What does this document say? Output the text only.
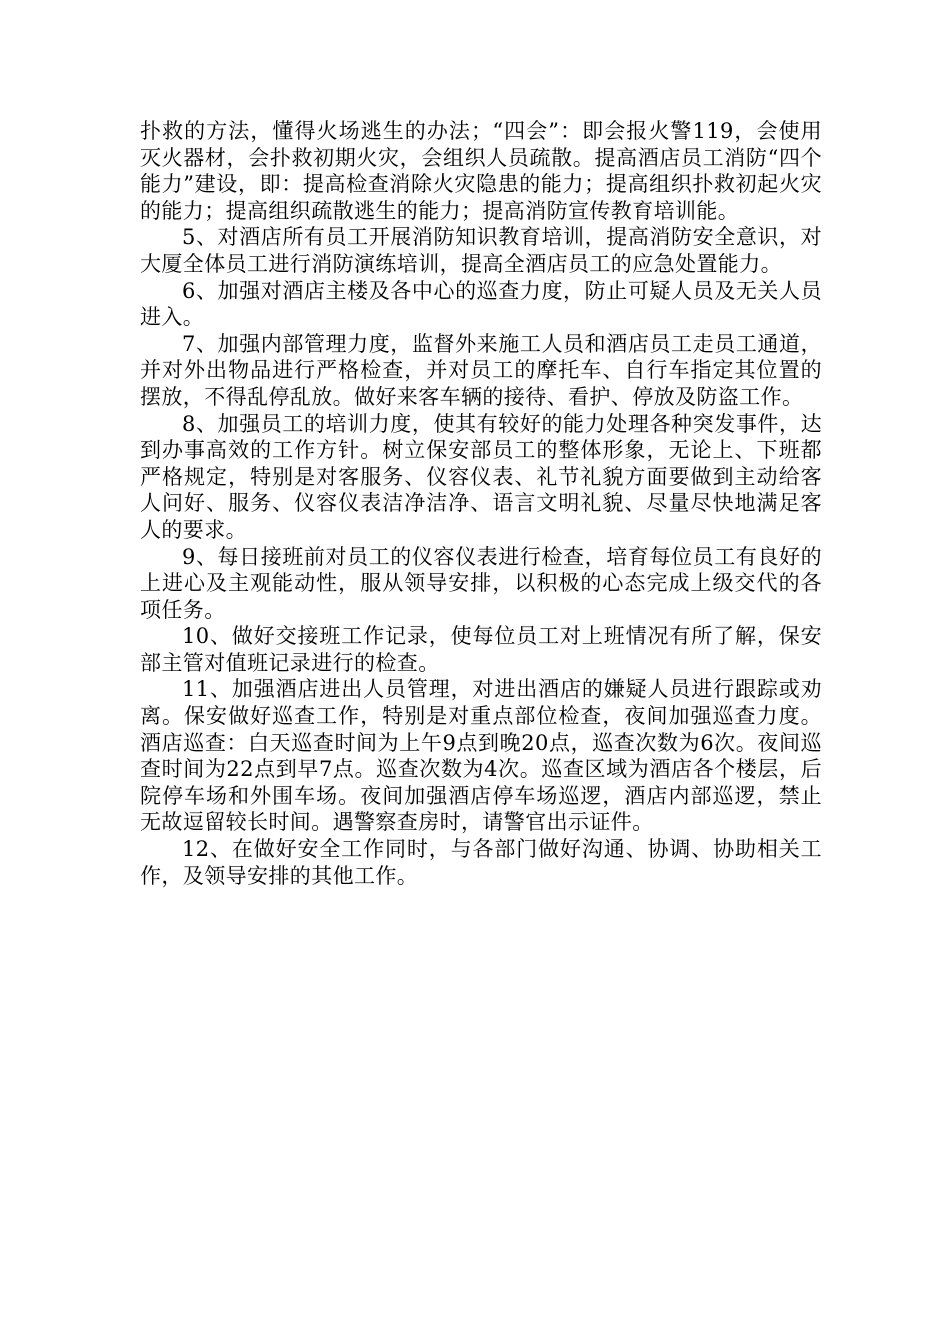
扑救的方法，懂得火场逃生的办法；“四会”：即会报火警119，会使用灭火器材，会扑救初期火灾，会组织人员疏散。提高酒店员工消防“四个能力”建设，即：提高检查消除火灾隐患的能力；提高组织扑救初起火灾的能力；提高组织疏散逃生的能力；提高消防宣传教育培训能。

5、对酒店所有员工开展消防知识教育培训，提高消防安全意识，对大厦全体员工进行消防演练培训，提高全酒店员工的应急处置能力。

6、加强对酒店主楼及各中心的巡查力度，防止可疑人员及无关人员进入。

7、加强内部管理力度，监督外来施工人员和酒店员工走员工通道，并对外出物品进行严格检查，并对员工的摩托车、自行车指定其位置的摆放，不得乱停乱放。做好来客车辆的接待、看护、停放及防盗工作。

8、加强员工的培训力度，使其有较好的能力处理各种突发事件，达到办事高效的工作方针。树立保安部员工的整体形象，无论上、下班都严格规定，特别是对客服务、仪容仪表、礼节礼貌方面要做到主动给客人问好、服务、仪容仪表洁净洁净、语言文明礼貌、尽量尽快地满足客人的要求。

9、每日接班前对员工的仪容仪表进行检查，培育每位员工有良好的上进心及主观能动性，服从领导安排，以积极的心态完成上级交代的各项任务。

10、做好交接班工作记录，使每位员工对上班情况有所了解，保安部主管对值班记录进行的检查。

11、加强酒店进出人员管理，对进出酒店的嫌疑人员进行跟踪或劝离。保安做好巡查工作，特别是对重点部位检查，夜间加强巡查力度。酒店巡查：白天巡查时间为上午9点到晚20点，巡查次数为6次。夜间巡查时间为22点到早7点。巡查次数为4次。巡查区域为酒店各个楼层，后院停车场和外围车场。夜间加强酒店停车场巡逻，酒店内部巡逻，禁止无故逗留较长时间。遇警察查房时，请警官出示证件。

12、在做好安全工作同时，与各部门做好沟通、协调、协助相关工作，及领导安排的其他工作。
